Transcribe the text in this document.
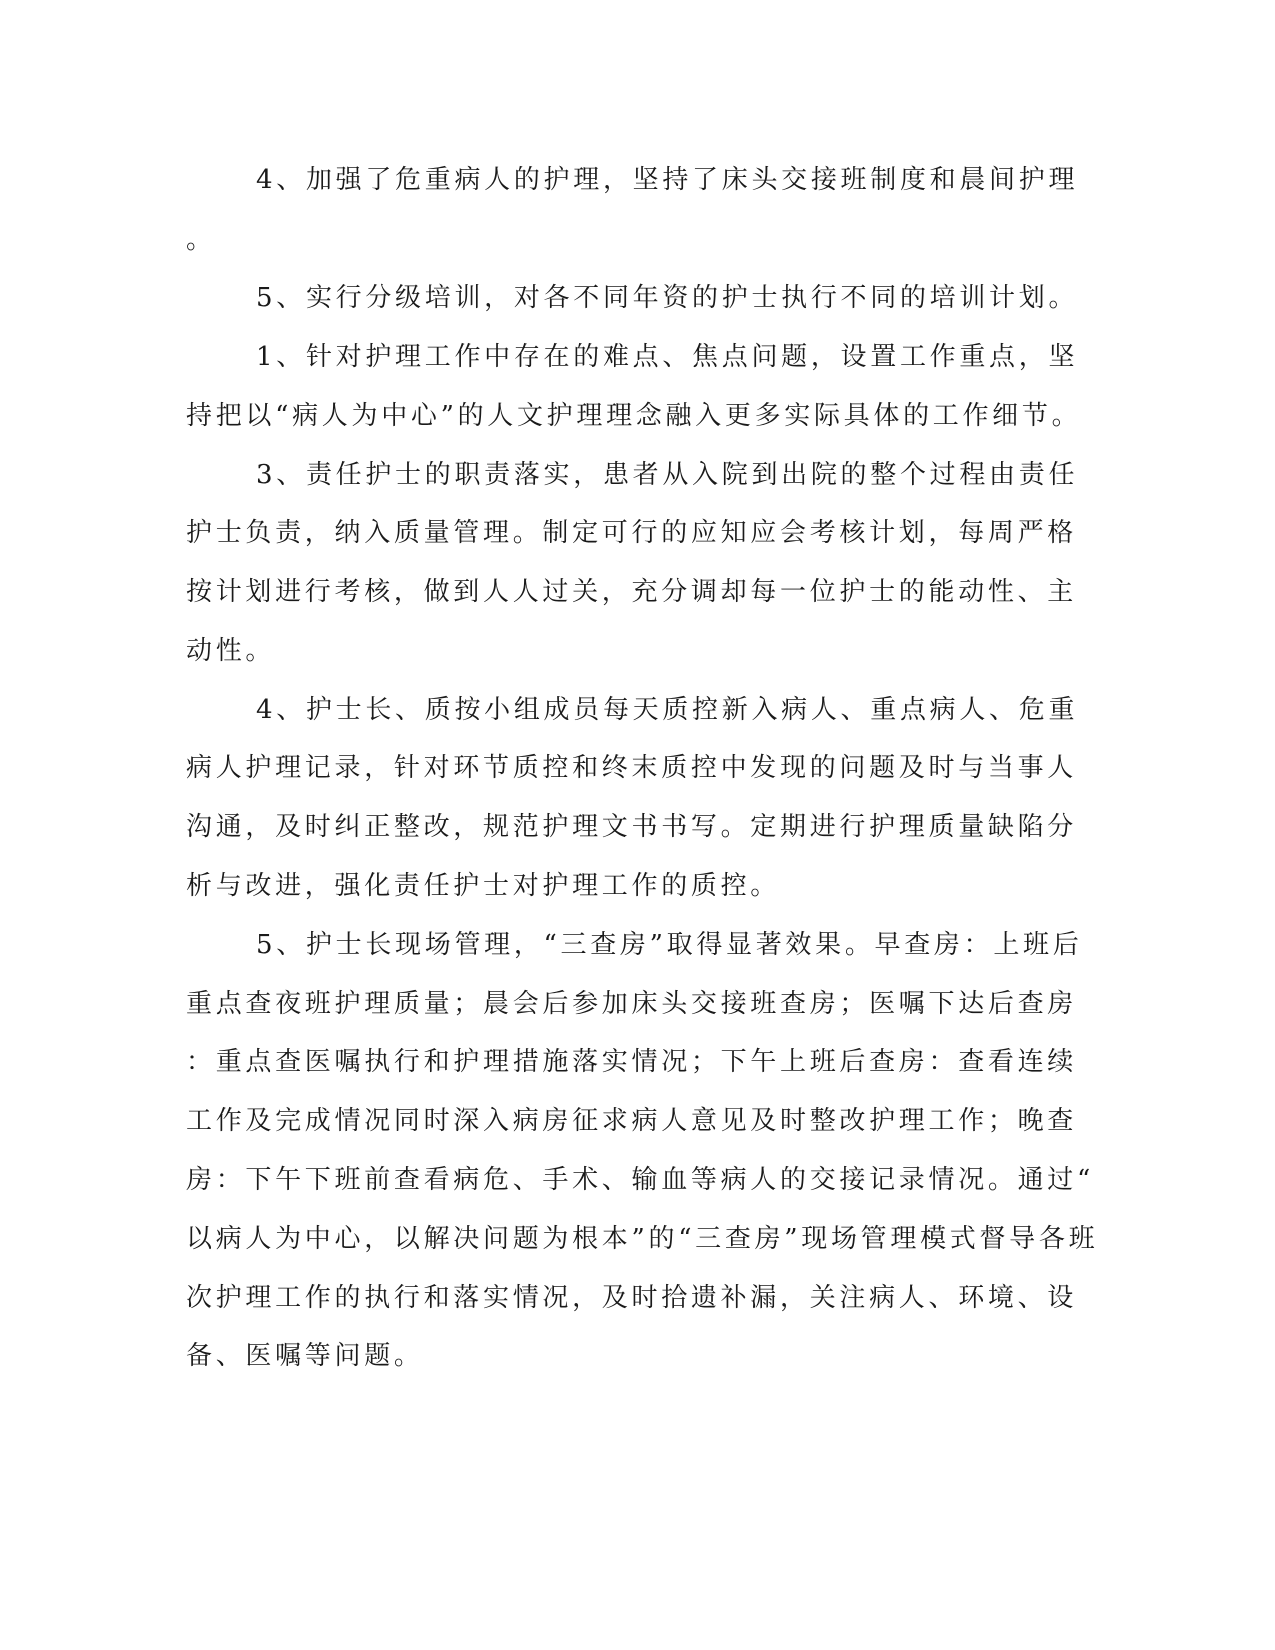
4、加强了危重病人的护理，坚持了床头交接班制度和晨间护理
。
5、实行分级培训，对各不同年资的护士执行不同的培训计划。
1、针对护理工作中存在的难点、焦点问题，设置工作重点，坚
持把以“病人为中心”的人文护理理念融入更多实际具体的工作细节。
3、责任护士的职责落实，患者从入院到出院的整个过程由责任
护士负责，纳入质量管理。制定可行的应知应会考核计划，每周严格
按计划进行考核，做到人人过关，充分调却每一位护士的能动性、主
动性。
4、护士长、质按小组成员每天质控新入病人、重点病人、危重
病人护理记录，针对环节质控和终末质控中发现的问题及时与当事人
沟通，及时纠正整改，规范护理文书书写。定期进行护理质量缺陷分
析与改进，强化责任护士对护理工作的质控。
5、护士长现场管理，“三查房”取得显著效果。早查房：上班后
重点查夜班护理质量；晨会后参加床头交接班查房；医嘱下达后查房
：重点查医嘱执行和护理措施落实情况；下午上班后查房：查看连续
工作及完成情况同时深入病房征求病人意见及时整改护理工作；晚查
房：下午下班前查看病危、手术、输血等病人的交接记录情况。通过“
以病人为中心，以解决问题为根本”的“三查房”现场管理模式督导各班
次护理工作的执行和落实情况，及时拾遗补漏，关注病人、环境、设
备、医嘱等问题。
